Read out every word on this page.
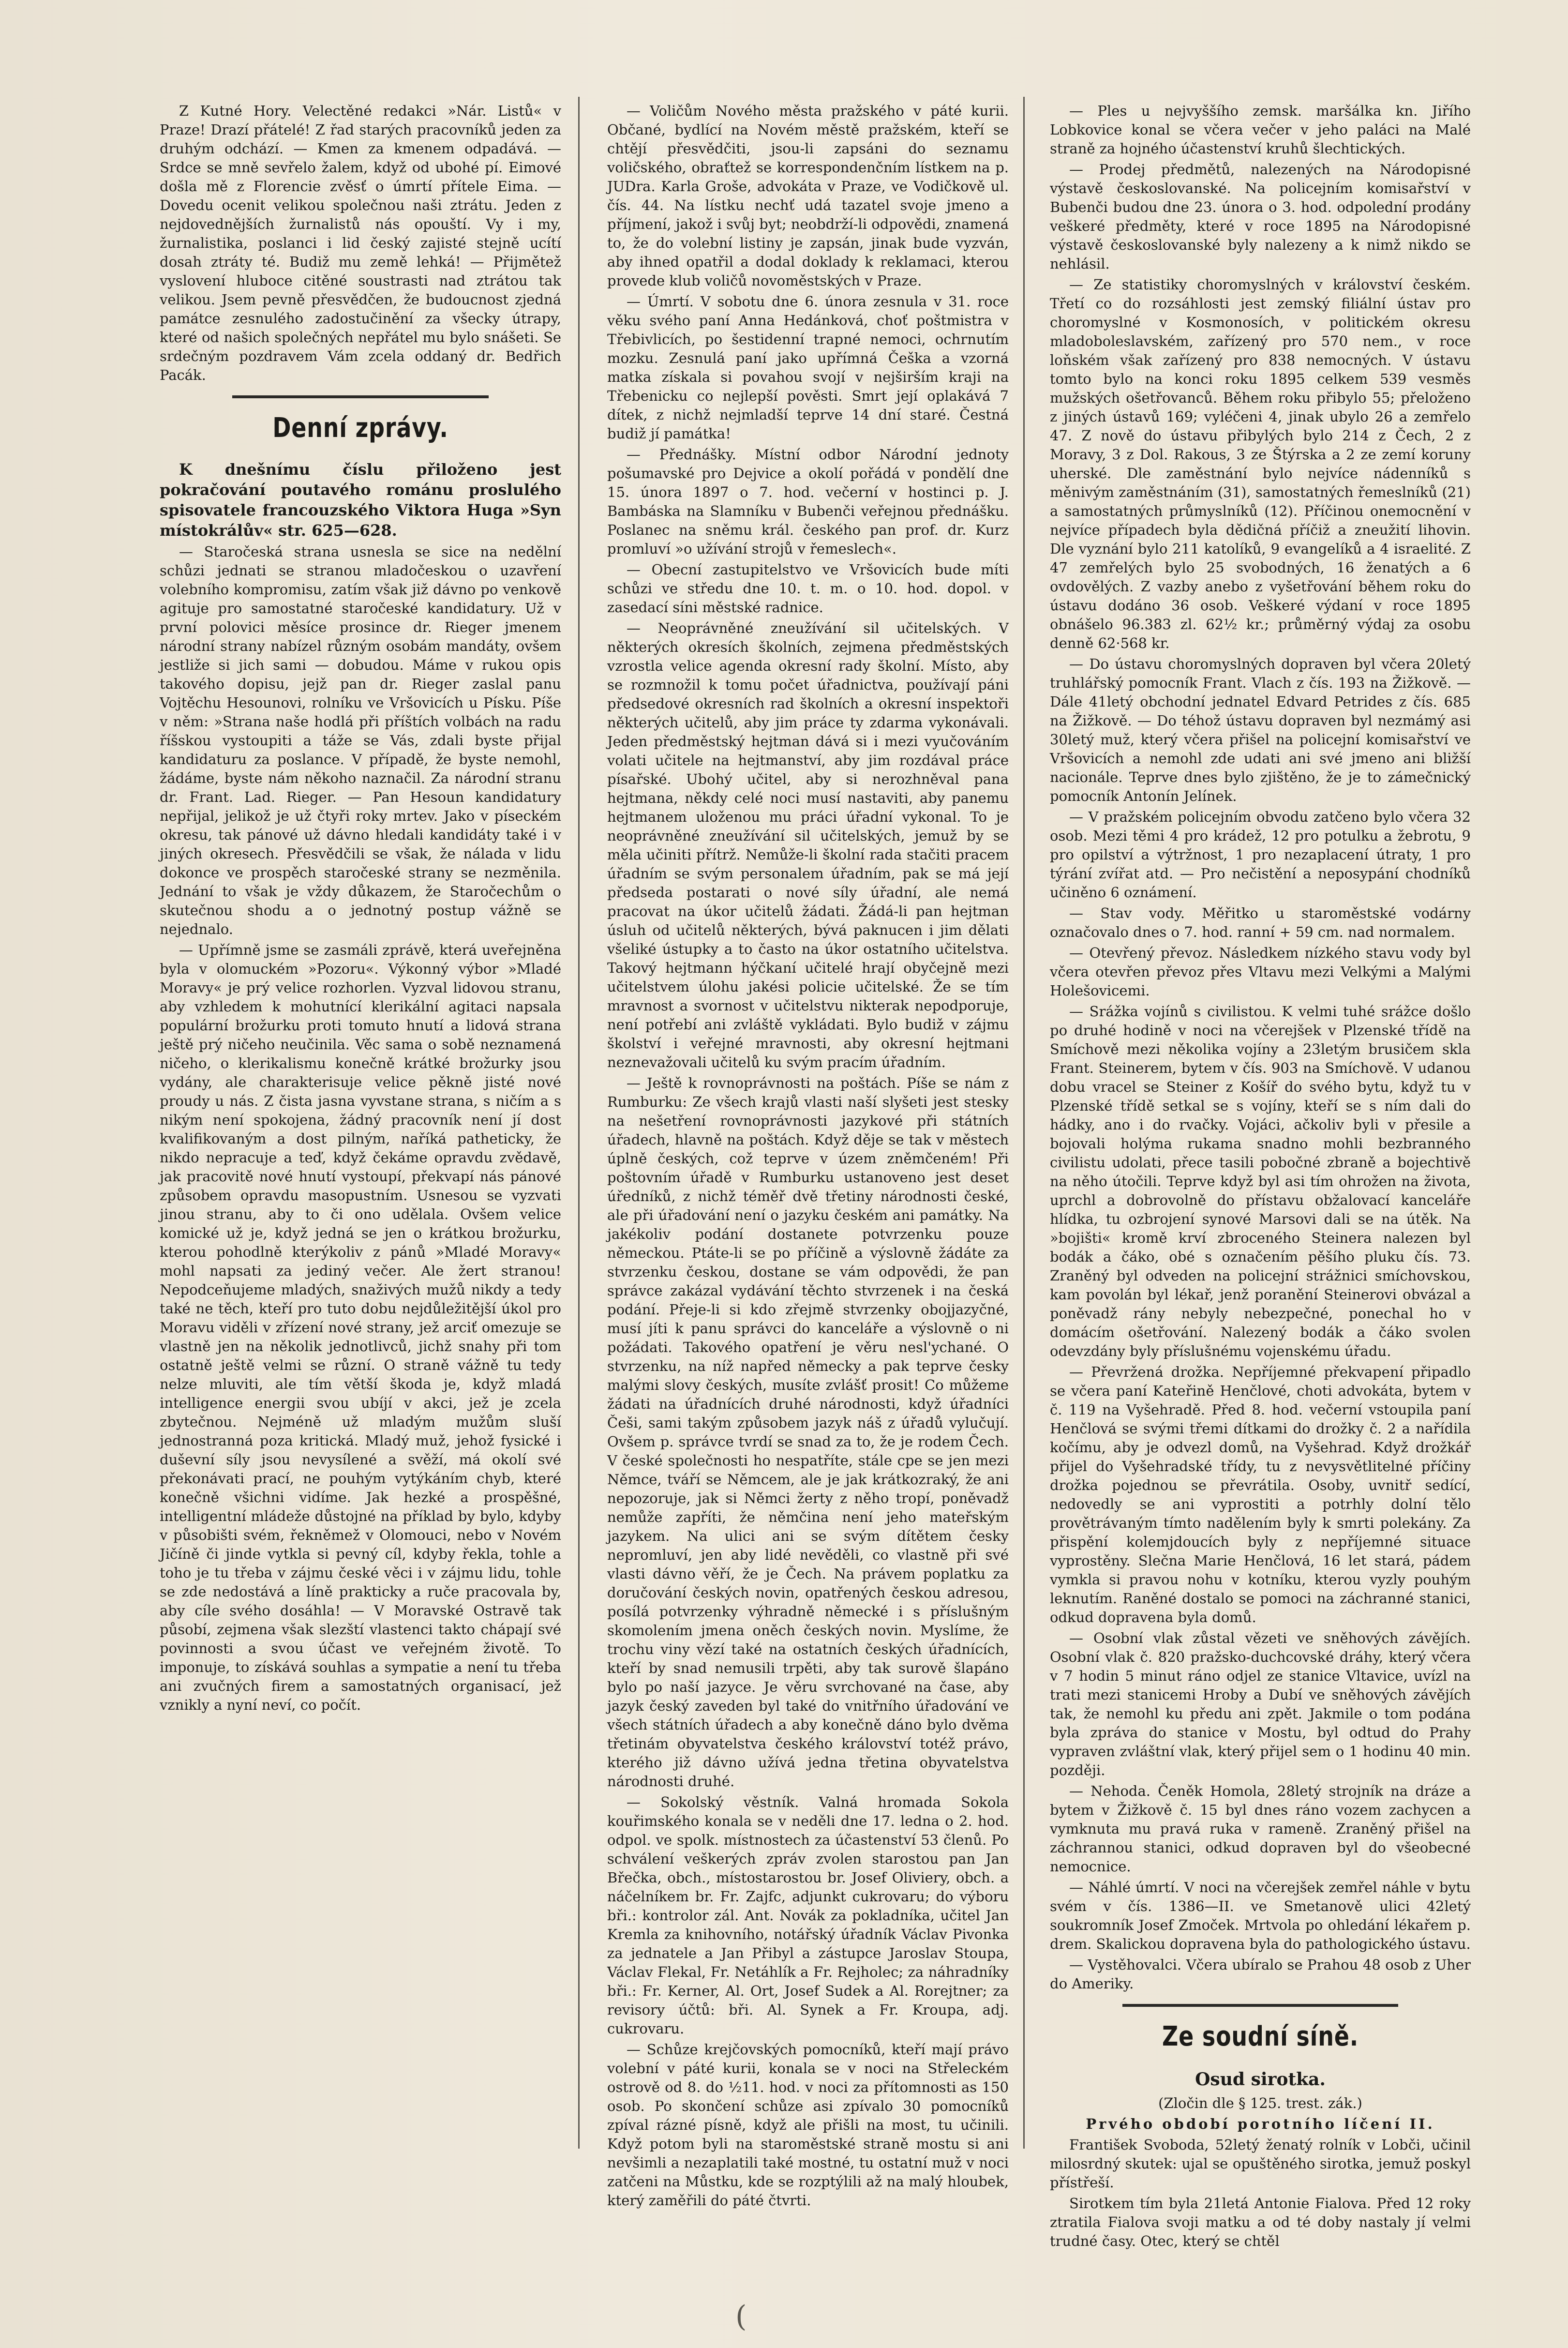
Z Kutné Hory. Velectěné redakci »Nár. Listů« v Praze! Drazí přátelé! Z řad starých pracovníků jeden za druhým odchází. — Kmen za kmenem odpadává. — Srdce se mně sevřelo žalem, když od ubohé pí. Eimové došla mě z Florencie zvěsť o úmrtí přítele Eima. — Dovedu ocenit velikou společnou naši ztrátu. Jeden z nejdovednějších žurnalistů nás opouští. Vy i my, žurnalistika, poslanci i lid český zajisté stejně ucítí dosah ztráty té. Budiž mu země lehká! — Přijmětež vyslovení hluboce citěné soustrasti nad ztrátou tak velikou. Jsem pevně přesvědčen, že budoucnost zjedná památce zesnulého zadostučinění za všecky útrapy, které od našich společných nepřátel mu bylo snášeti. Se srdečným pozdravem Vám zcela oddaný dr. Bedřich Pacák.

Denní zprávy.

K dnešnímu číslu přiloženo jest pokračování poutavého románu proslulého spisovatele francouzského Viktora Huga »Syn místokrálův« str. 625—628.

— Staročeská strana usnesla se sice na nedělní schůzi jednati se stranou mladočeskou o uzavření volebního kompromisu, zatím však již dávno po venkově agituje pro samostatné staročeské kandidatury. Už v první polovici měsíce prosince dr. Rieger jmenem národní strany nabízel různým osobám mandáty, ovšem jestliže si jich sami — dobudou. Máme v rukou opis takového dopisu, jejž pan dr. Rieger zaslal panu Vojtěchu Hesounovi, rolníku ve Vršovicích u Písku. Píše v něm: »Strana naše hodlá při příštích volbách na radu říšskou vystoupiti a táže se Vás, zdali byste přijal kandidaturu za poslance. V případě, že byste nemohl, žádáme, byste nám někoho naznačil. Za národní stranu dr. Frant. Lad. Rieger. — Pan Hesoun kandidatury nepřijal, jelikož je už čtyři roky mrtev. Jako v píseckém okresu, tak pánové už dávno hledali kandidáty také i v jiných okresech. Přesvědčili se však, že nálada v lidu dokonce ve prospěch staročeské strany se nezměnila. Jednání to však je vždy důkazem, že Staročechům o skutečnou shodu a o jednotný postup vážně se nejednalo.

— Upřímně jsme se zasmáli zprávě, která uveřejněna byla v olomuckém »Pozoru«. Výkonný výbor »Mladé Moravy« je prý velice rozhorlen. Vyzval lidovou stranu, aby vzhledem k mohutnící klerikální agitaci napsala populární brožurku proti tomuto hnutí a lidová strana ještě prý ničeho neučinila. Věc sama o sobě neznamená ničeho, o klerikalismu konečně krátké brožurky jsou vydány, ale charakterisuje velice pěkně jisté nové proudy u nás. Z čista jasna vyvstane strana, s ničím a s nikým není spokojena, žádný pracovník není jí dost kvalifikovaným a dost pilným, naříká patheticky, že nikdo nepracuje a teď, když čekáme opravdu zvědavě, jak pracovitě nové hnutí vystoupí, překvapí nás pánové způsobem opravdu masopustním. Usnesou se vyzvati jinou stranu, aby to či ono udělala. Ovšem velice komické už je, když jedná se jen o krátkou brožurku, kterou pohodlně kterýkoliv z pánů »Mladé Moravy« mohl napsati za jediný večer. Ale žert stranou! Nepodceňujeme mladých, snaživých mužů nikdy a tedy také ne těch, kteří pro tuto dobu nejdůležitější úkol pro Moravu viděli v zřízení nové strany, jež arciť omezuje se vlastně jen na několik jednotlivců, jichž snahy při tom ostatně ještě velmi se různí. O straně vážně tu tedy nelze mluviti, ale tím větší škoda je, když mladá intelligence energii svou ubíjí v akci, jež je zcela zbytečnou. Nejméně už mladým mužům sluší jednostranná poza kritická. Mladý muž, jehož fysické i duševní síly jsou nevysílené a svěží, má okolí své překonávati prací, ne pouhým vytýkáním chyb, které konečně všichni vidíme. Jak hezké a prospěšné, intelligentní mládeže důstojné na příklad by bylo, kdyby v působišti svém, řekněmež v Olomouci, nebo v Novém Jičíně či jinde vytkla si pevný cíl, kdyby řekla, tohle a toho je tu třeba v zájmu české věci i v zájmu lidu, tohle se zde nedostává a líně prakticky a ruče pracovala by, aby cíle svého dosáhla! — V Moravské Ostravě tak působí, zejmena však slezští vlastenci takto chápají své povinnosti a svou účast ve veřejném životě. To imponuje, to získává souhlas a sympatie a není tu třeba ani zvučných firem a samostatných organisací, jež vznikly a nyní neví, co počít.

— Voličům Nového města pražského v páté kurii. Občané, bydlící na Novém městě pražském, kteří se chtějí přesvědčiti, jsou-li zapsáni do seznamu voličského, obraťtež se korrespondenčním lístkem na p. JUDra. Karla Groše, advokáta v Praze, ve Vodičkově ul. čís. 44. Na lístku nechť udá tazatel svoje jmeno a příjmení, jakož i svůj byt; neobdrží-li odpovědi, znamená to, že do volební listiny je zapsán, jinak bude vyzván, aby ihned opatřil a dodal doklady k reklamaci, kterou provede klub voličů novoměstských v Praze.

— Úmrtí. V sobotu dne 6. února zesnula v 31. roce věku svého paní Anna Hedánková, choť poštmistra v Třebivlicích, po šestidenní trapné nemoci, ochrnutím mozku. Zesnulá paní jako upřímná Češka a vzorná matka získala si povahou svojí v nejširším kraji na Třebenicku co nejlepší pověsti. Smrt její oplakává 7 dítek, z nichž nejmladší teprve 14 dní staré. Čestná budiž jí památka!

— Přednášky. Místní odbor Národní jednoty pošumavské pro Dejvice a okolí pořádá v pondělí dne 15. února 1897 o 7. hod. večerní v hostinci p. J. Bambáska na Slamníku v Bubenči veřejnou přednášku. Poslanec na sněmu král. českého pan prof. dr. Kurz promluví »o užívání strojů v řemeslech«.

— Obecní zastupitelstvo ve Vršovicích bude míti schůzi ve středu dne 10. t. m. o 10. hod. dopol. v zasedací síni městské radnice.

— Neoprávněné zneužívání sil učitelských. V některých okresích školních, zejmena předměstských vzrostla velice agenda okresní rady školní. Místo, aby se rozmnožil k tomu počet úřadnictva, používají páni předsedové okresních rad školních a okresní inspektoři některých učitelů, aby jim práce ty zdarma vykonávali. Jeden předměstský hejtman dává si i mezi vyučováním volati učitele na hejtmanství, aby jim rozdával práce písařské. Ubohý učitel, aby si nerozhněval pana hejtmana, někdy celé noci musí nastaviti, aby panemu hejtmanem uloženou mu práci úřadní vykonal. To je neoprávněné zneužívání sil učitelských, jemuž by se měla učiniti přítrž. Nemůže-li školní rada stačiti pracem úřadním se svým personalem úřadním, pak se má její předseda postarati o nové síly úřadní, ale nemá pracovat na úkor učitelů žádati. Žádá-li pan hejtman úsluh od učitelů některých, bývá paknucen i jim dělati všeliké ústupky a to často na úkor ostatního učitelstva. Takový hejtmann hýčkaní učitelé hrají obyčejně mezi učitelstvem úlohu jakési policie učitelské. Že se tím mravnost a svornost v učitelstvu nikterak nepodporuje, není potřebí ani zvláště vykládati. Bylo budiž v zájmu školství i veřejné mravnosti, aby okresní hejtmani neznevažovali učitelů ku svým pracím úřadním.

— Ještě k rovnoprávnosti na poštách. Píše se nám z Rumburku: Ze všech krajů vlasti naší slyšeti jest stesky na nešetření rovnoprávnosti jazykové při státních úřadech, hlavně na poštách. Když děje se tak v městech úplně českých, což teprve v územ zněmčeném! Při poštovním úřadě v Rumburku ustanoveno jest deset úředníků, z nichž téměř dvě třetiny národnosti české, ale při úřadování není o jazyku českém ani památky. Na jakékoliv podání dostanete potvrzenku pouze německou. Ptáte-li se po příčině a výslovně žádáte za stvrzenku českou, dostane se vám odpovědi, že pan správce zakázal vydávání těchto stvrzenek i na česká podání. Přeje-li si kdo zřejmě stvrzenky obojjazyčné, musí jíti k panu správci do kanceláře a výslovně o ni požádati. Takového opatření je věru nesl'ychané. O stvrzenku, na níž napřed německy a pak teprve česky malými slovy českých, musíte zvlášť prosit! Co můžeme žádati na úřadnících druhé národnosti, když úřadníci Češi, sami takým způsobem jazyk náš z úřadů vylučují. Ovšem p. správce tvrdí se snad za to, že je rodem Čech. V české společnosti ho nespatříte, stále cpe se jen mezi Němce, tváří se Němcem, ale je jak krátkozraký, že ani nepozoruje, jak si Němci žerty z něho tropí, poněvadž nemůže zapříti, že němčina není jeho mateřským jazykem. Na ulici ani se svým dítětem česky nepromluví, jen aby lidé nevěděli, co vlastně při své vlasti dávno věří, že je Čech. Na právem poplatku za doručování českých novin, opatřených českou adresou, posílá potvrzenky výhradně německé i s příslušným skomolením jmena oněch českých novin. Myslíme, že trochu viny vězí také na ostatních českých úřadnících, kteří by snad nemusili trpěti, aby tak surově šlapáno bylo po naší jazyce. Je věru svrchované na čase, aby jazyk český zaveden byl také do vnitřního úřadování ve všech státních úřadech a aby konečně dáno bylo dvěma třetinám obyvatelstva českého království totéž právo, kterého již dávno užívá jedna třetina obyvatelstva národnosti druhé.

— Sokolský věstník. Valná hromada Sokola kouřimského konala se v neděli dne 17. ledna o 2. hod. odpol. ve spolk. místnostech za účastenství 53 členů. Po schválení veškerých zpráv zvolen starostou pan Jan Břečka, obch., místostarostou br. Josef Oliviery, obch. a náčelníkem br. Fr. Zajfc, adjunkt cukrovaru; do výboru bři.: kontrolor zál. Ant. Novák za pokladníka, učitel Jan Kremla za knihovního, notářský úřadník Václav Pivonka za jednatele a Jan Přibyl a zástupce Jaroslav Stoupa, Václav Flekal, Fr. Netáhlík a Fr. Rejholec; za náhradníky bři.: Fr. Kerner, Al. Ort, Josef Sudek a Al. Rorejtner; za revisory účtů: bři. Al. Synek a Fr. Kroupa, adj. cukrovaru.

— Schůze krejčovských pomocníků, kteří mají právo volební v páté kurii, konala se v noci na Střeleckém ostrově od 8. do ½11. hod. v noci za přítomnosti as 150 osob. Po skončení schůze asi zpívalo 30 pomocníků zpíval rázné písně, když ale přišli na most, tu učinili. Když potom byli na staroměstské straně mostu si ani nevšimli a nezaplatili také mostné, tu ostatní muž v noci zatčeni na Můstku, kde se rozptýlili až na malý hloubek, který zaměřili do páté čtvrti.

— Ples u nejvyššího zemsk. maršálka kn. Jiřího Lobkovice konal se včera večer v jeho paláci na Malé straně za hojného účastenství kruhů šlechtických.

— Prodej předmětů, nalezených na Národopisné výstavě českoslovanské. Na policejním komisařství v Bubenči budou dne 23. února o 3. hod. odpolední prodány veškeré předměty, které v roce 1895 na Národopisné výstavě českoslovanské byly nalezeny a k nimž nikdo se nehlásil.

— Ze statistiky choromyslných v království českém. Třetí co do rozsáhlosti jest zemský filiální ústav pro choromyslné v Kosmonosích, v politickém okresu mladoboleslavském, zařízený pro 570 nem., v roce loňském však zařízený pro 838 nemocných. V ústavu tomto bylo na konci roku 1895 celkem 539 vesměs mužských ošetřovanců. Během roku přibylo 55; přeloženo z jiných ústavů 169; vyléčeni 4, jinak ubylo 26 a zemřelo 47. Z nově do ústavu přibylých bylo 214 z Čech, 2 z Moravy, 3 z Dol. Rakous, 3 ze Štýrska a 2 ze zemí koruny uherské. Dle zaměstnání bylo nejvíce nádenníků s měnivým zaměstnáním (31), samostatných řemeslníků (21) a samostatných průmyslníků (12). Příčinou onemocnění v nejvíce případech byla dědičná příčiž a zneužití lihovin. Dle vyznání bylo 211 katolíků, 9 evangelíků a 4 israelité. Z 47 zemřelých bylo 25 svobodných, 16 ženatých a 6 ovdovělých. Z vazby anebo z vyšetřování během roku do ústavu dodáno 36 osob. Veškeré výdaní v roce 1895 obnášelo 96.383 zl. 62½ kr.; průměrný výdaj za osobu denně 62·568 kr.

— Do ústavu choromyslných dopraven byl včera 20letý truhlářský pomocník Frant. Vlach z čís. 193 na Žižkově. — Dále 41letý obchodní jednatel Edvard Petrides z čís. 685 na Žižkově. — Do téhož ústavu dopraven byl nezmámý asi 30letý muž, který včera přišel na policejní komisařství ve Vršovicích a nemohl zde udati ani své jmeno ani bližší nacionále. Teprve dnes bylo zjištěno, že je to zámečnický pomocník Antonín Jelínek.

— V pražském policejním obvodu zatčeno bylo včera 32 osob. Mezi těmi 4 pro krádež, 12 pro potulku a žebrotu, 9 pro opilství a výtržnost, 1 pro nezaplacení útraty, 1 pro týrání zvířat atd. — Pro nečistění a neposypání chodníků učiněno 6 oznámení.

— Stav vody. Měřitko u staroměstské vodárny označovalo dnes o 7. hod. ranní + 59 cm. nad normalem.

— Otevřený převoz. Následkem nízkého stavu vody byl včera otevřen převoz přes Vltavu mezi Velkými a Malými Holešovicemi.

— Srážka vojínů s civilistou. K velmi tuhé srážce došlo po druhé hodině v noci na včerejšek v Plzenské třídě na Smíchově mezi několika vojíny a 23letým brusičem skla Frant. Steinerem, bytem v čís. 903 na Smíchově. V udanou dobu vracel se Steiner z Košíř do svého bytu, když tu v Plzenské třídě setkal se s vojíny, kteří se s ním dali do hádky, ano i do rvačky. Vojáci, ačkoliv byli v přesile a bojovali holýma rukama snadno mohli bezbranného civilistu udolati, přece tasili pobočné zbraně a bojechtivě na něho útočili. Teprve když byl asi tím ohrožen na života, uprchl a dobrovolně do přístavu obžalovací kanceláře hlídka, tu ozbrojení synové Marsovi dali se na útěk. Na »bojišti« kromě krví zbroceného Steinera nalezen byl bodák a čáko, obé s označením pěšího pluku čís. 73. Zraněný byl odveden na policejní strážnici smíchovskou, kam povolán byl lékař, jenž poranění Steinerovi obvázal a poněvadž rány nebyly nebezpečné, ponechal ho v domácím ošetřování. Nalezený bodák a čáko svolen odevzdány byly příslušnému vojenskému úřadu.

— Převržená drožka. Nepříjemné překvapení připadlo se včera paní Kateřině Henčlové, choti advokáta, bytem v č. 119 na Vyšehradě. Před 8. hod. večerní vstoupila paní Henčlová se svými třemi dítkami do drožky č. 2 a nařídila kočímu, aby je odvezl domů, na Vyšehrad. Když drožkář přijel do Vyšehradské třídy, tu z nevysvětlitelné příčiny drožka pojednou se převrátila. Osoby, uvnitř sedící, nedovedly se ani vyprostiti a potrhly dolní tělo provětrávaným tímto nadělením byly k smrti polekány. Za přispění kolemjdoucích byly z nepříjemné situace vyprostěny. Slečna Marie Henčlová, 16 let stará, pádem vymkla si pravou nohu v kotníku, kterou vyzly pouhým leknutím. Raněné dostalo se pomoci na záchranné stanici, odkud dopravena byla domů.

— Osobní vlak zůstal vězeti ve sněhových závějích. Osobní vlak č. 820 pražsko-duchcovské dráhy, který včera v 7 hodin 5 minut ráno odjel ze stanice Vltavice, uvízl na trati mezi stanicemi Hroby a Dubí ve sněhových závějích tak, že nemohl ku předu ani zpět. Jakmile o tom podána byla zpráva do stanice v Mostu, byl odtud do Prahy vypraven zvláštní vlak, který přijel sem o 1 hodinu 40 min. později.

— Nehoda. Čeněk Homola, 28letý strojník na dráze a bytem v Žižkově č. 15 byl dnes ráno vozem zachycen a vymknuta mu pravá ruka v rameně. Zraněný přišel na záchrannou stanici, odkud dopraven byl do všeobecné nemocnice.

— Náhlé úmrtí. V noci na včerejšek zemřel náhle v bytu svém v čís. 1386—II. ve Smetanově ulici 42letý soukromník Josef Zmoček. Mrtvola po ohledání lékařem p. drem. Skalickou dopravena byla do pathologického ústavu.

— Vystěhovalci. Včera ubíralo se Prahou 48 osob z Uher do Ameriky.

Ze soudní síně.
Osud sirotka.

(Zločin dle § 125. trest. zák.)

Prvého období porotního líčení II.

František Svoboda, 52letý ženatý rolník v Lobči, učinil milosrdný skutek: ujal se opuštěného sirotka, jemuž poskyl přístřeší.

Sirotkem tím byla 21letá Antonie Fialova. Před 12 roky ztratila Fialova svoji matku a od té doby nastaly jí velmi trudné časy. Otec, který se chtěl

(
